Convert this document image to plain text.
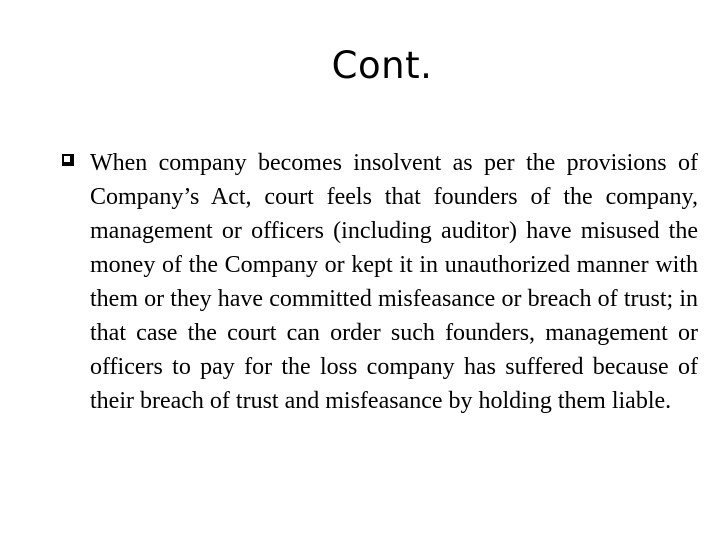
Cont.
When company becomes insolvent as per the provisions of Company’s Act, court feels that founders of the company, management or officers (including auditor) have misused the money of the Company or kept it in unauthorized manner with them or they have committed misfeasance or breach of trust; in that case the court can order such founders, management or officers to pay for the loss company has suffered because of their breach of trust and misfeasance by holding them liable.
